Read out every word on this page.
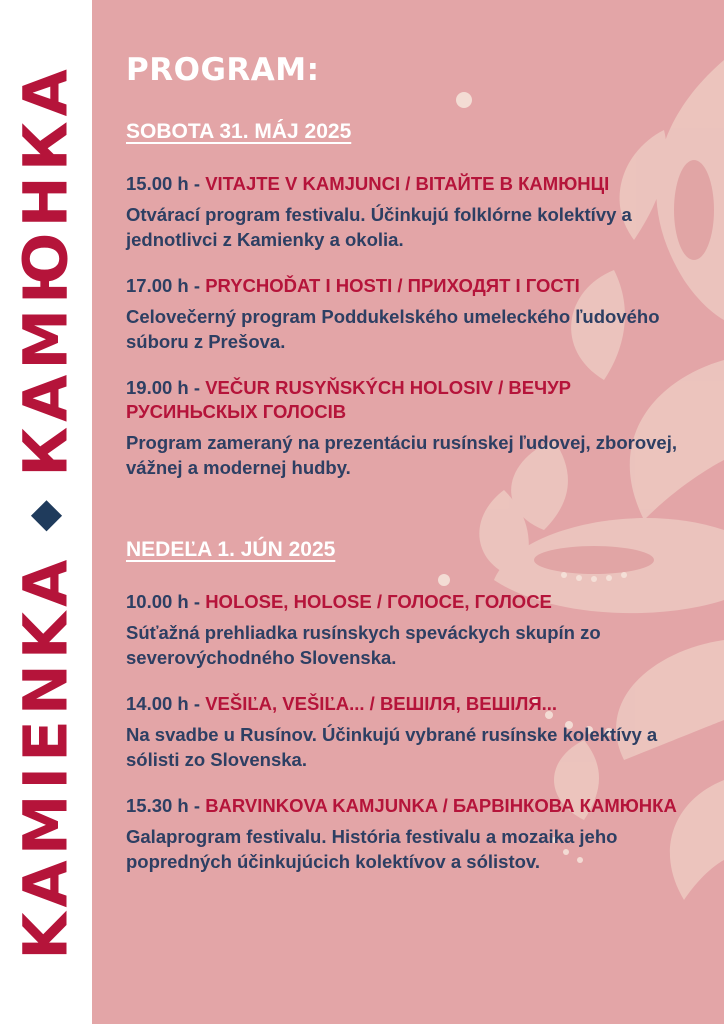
KAMIENKA
КАМЮНКА PROGRAM:
SOBOTA 31. MÁJ 2025
15.00 h - VITAJTE V KAMJUNCI / ВІТАЙТЕ В КАМЮНЦІ
Otvárací program festivalu. Účinkujú folklórne kolektívy a jednotlivci z Kamienky a okolia.
17.00 h - PRYCHOĎAT I HOSTI / ПРИХОДЯТ І ГОСТІ
Celovečerný program Poddukelského umeleckého ľudového súboru z Prešova.
19.00 h - VEČUR RUSYŇSKÝCH HOLOSIV / ВЕЧУР РУСИНЬСКЫХ ГОЛОСІВ
Program zameraný na prezentáciu rusínskej ľudovej, zborovej, vážnej a modernej hudby.
NEDEĽA 1. JÚN 2025
10.00 h - HOLOSE, HOLOSE / ГОЛОСЕ, ГОЛОСЕ
Súťažná prehliadka rusínskych speváckych skupín zo severovýchodného Slovenska.
14.00 h - VEŠIĽA, VEŠIĽA... / ВЕШІЛЯ, ВЕШІЛЯ...
Na svadbe u Rusínov. Účinkujú vybrané rusínske kolektívy a sólisti zo Slovenska.
15.30 h - BARVINKOVA KAMJUNKA / БАРВІНКОВА КАМЮНКА
Galaprogram festivalu. História festivalu a mozaika jeho popredných účinkujúcich kolektívov a sólistov.
